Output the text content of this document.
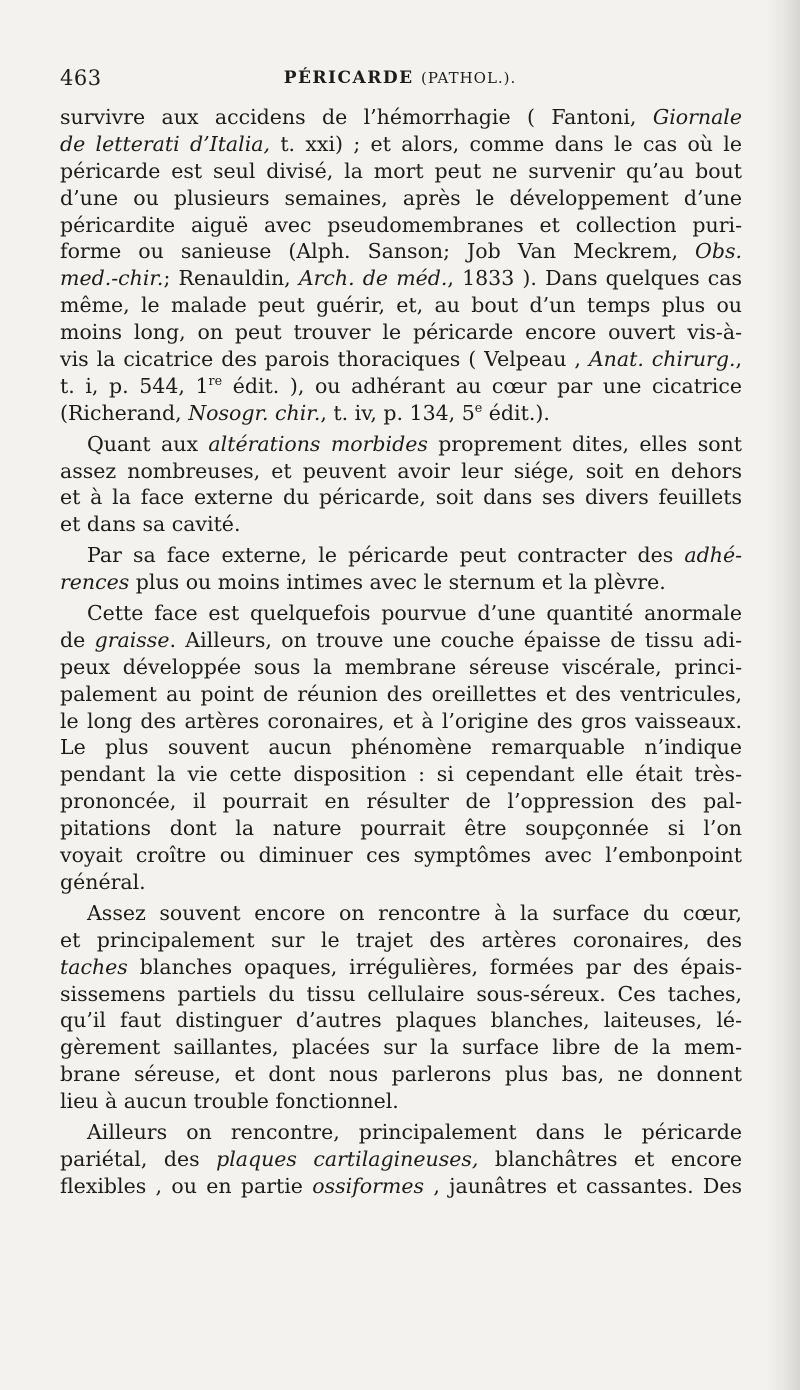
463	PÉRICARDE (PATHOL.).
survivre aux accidens de l’hémorrhagie ( Fantoni, Giornale
de letterati d’Italia, t. xxi) ; et alors, comme dans le cas où le
péricarde est seul divisé, la mort peut ne survenir qu’au bout
d’une ou plusieurs semaines, après le développement d’une
péricardite aiguë avec pseudomembranes et collection puri-
forme ou sanieuse (Alph. Sanson; Job Van Meckrem, Obs.
med.-chir.; Renauldin, Arch. de méd., 1833 ). Dans quelques cas
même, le malade peut guérir, et, au bout d’un temps plus ou
moins long, on peut trouver le péricarde encore ouvert vis-à-
vis la cicatrice des parois thoraciques ( Velpeau , Anat. chirurg.,
t. i, p. 544, 1re édit. ), ou adhérant au cœur par une cicatrice
(Richerand, Nosogr. chir., t. iv, p. 134, 5e édit.).
Quant aux altérations morbides proprement dites, elles sont
assez nombreuses, et peuvent avoir leur siége, soit en dehors
et à la face externe du péricarde, soit dans ses divers feuillets
et dans sa cavité.
Par sa face externe, le péricarde peut contracter des adhé-
rences plus ou moins intimes avec le sternum et la plèvre.
Cette face est quelquefois pourvue d’une quantité anormale
de graisse. Ailleurs, on trouve une couche épaisse de tissu adi-
peux développée sous la membrane séreuse viscérale, princi-
palement au point de réunion des oreillettes et des ventricules,
le long des artères coronaires, et à l’origine des gros vaisseaux.
Le plus souvent aucun phénomène remarquable n’indique
pendant la vie cette disposition : si cependant elle était très-
prononcée, il pourrait en résulter de l’oppression des pal-
pitations dont la nature pourrait être soupçonnée si l’on
voyait croître ou diminuer ces symptômes avec l’embonpoint
général.
Assez souvent encore on rencontre à la surface du cœur,
et principalement sur le trajet des artères coronaires, des
taches blanches opaques, irrégulières, formées par des épais-
sissemens partiels du tissu cellulaire sous-séreux. Ces taches,
qu’il faut distinguer d’autres plaques blanches, laiteuses, lé-
gèrement saillantes, placées sur la surface libre de la mem-
brane séreuse, et dont nous parlerons plus bas, ne donnent
lieu à aucun trouble fonctionnel.
Ailleurs on rencontre, principalement dans le péricarde
pariétal, des plaques cartilagineuses, blanchâtres et encore
flexibles , ou en partie ossiformes , jaunâtres et cassantes. Des
